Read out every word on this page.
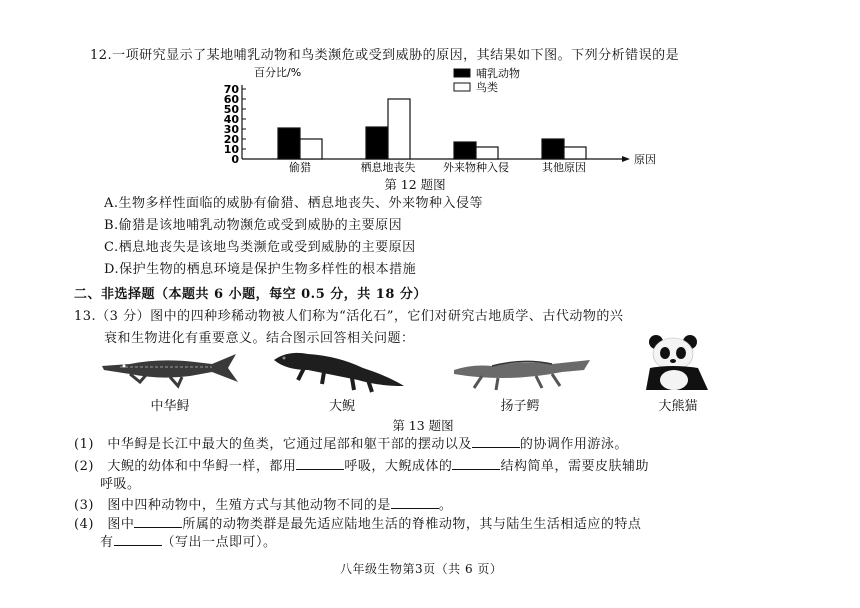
12.一项研究显示了某地哺乳动物和鸟类濒危或受到威胁的原因，其结果如下图。下列分析错误的是
0
10
20
30
40
50
60
70
百分比/%
原因
偷猎	栖息地丧失	外来物种入侵	其他原因
哺乳动物
鸟类
第 12 题图
A.生物多样性面临的威胁有偷猎、栖息地丧失、外来物种入侵等
B.偷猎是该地哺乳动物濒危或受到威胁的主要原因
C.栖息地丧失是该地鸟类濒危或受到威胁的主要原因
D.保护生物的栖息环境是保护生物多样性的根本措施
二、非选择题（本题共 6 小题，每空 0.5 分，共 18 分）
13.（3 分）图中的四种珍稀动物被人们称为“活化石”，它们对研究古地质学、古代动物的兴
衰和生物进化有重要意义。结合图示回答相关问题：
中华鲟	大鲵	扬子鳄	大熊猫
第 13 题图
(1)　中华鲟是长江中最大的鱼类，它通过尾部和躯干部的摆动以及	的协调作用游泳。
(2)　大鲵的幼体和中华鲟一样，都用	呼吸，大鲵成体的	结构简单，需要皮肤辅助
呼吸。
(3)　图中四种动物中，生殖方式与其他动物不同的是	。
(4)　图中	所属的动物类群是最先适应陆地生活的脊椎动物，其与陆生生活相适应的特点
有	（写出一点即可）。
八年级生物第3页（共 6 页）
